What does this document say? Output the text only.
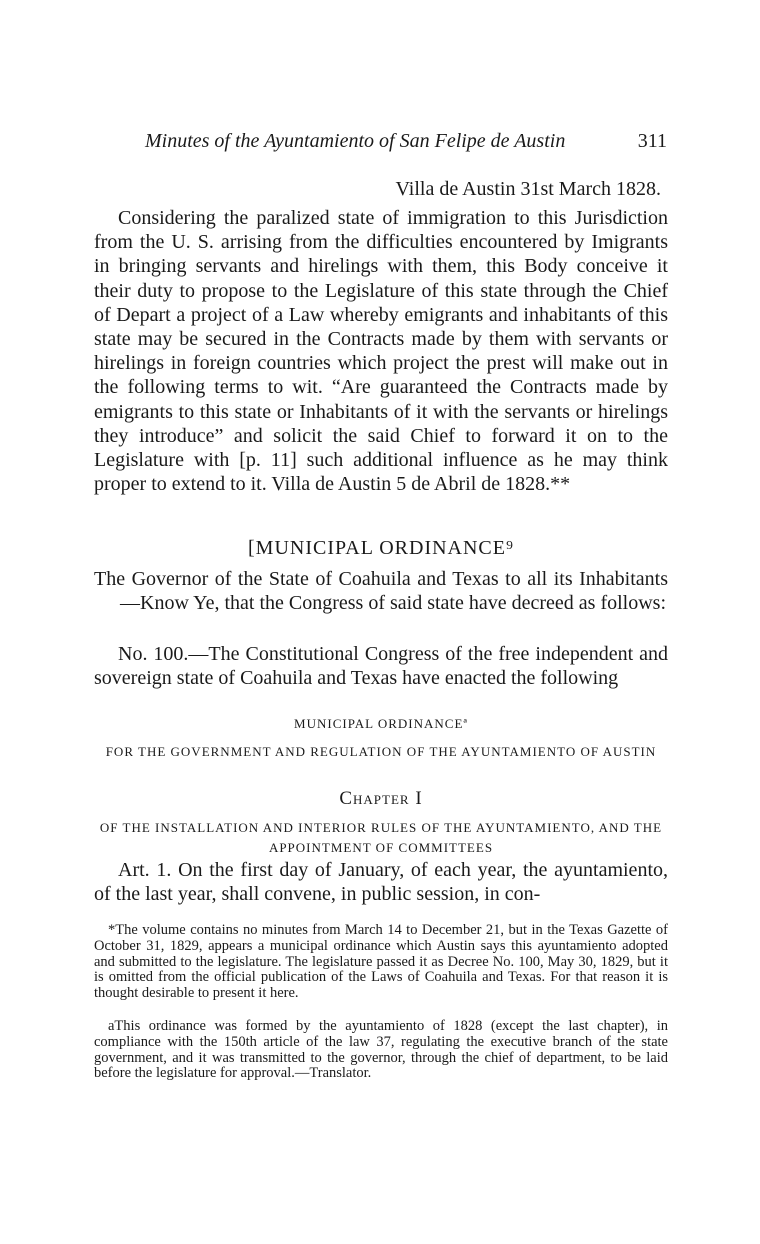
Minutes of the Ayuntamiento of San Felipe de Austin	311
Villa de Austin 31st March 1828.
Considering the paralized state of immigration to this Jurisdiction from the U. S. arrising from the difficulties encountered by Imigrants in bringing servants and hirelings with them, this Body conceive it their duty to propose to the Legislature of this state through the Chief of Depart a project of a Law whereby emigrants and inhabitants of this state may be secured in the Contracts made by them with servants or hirelings in foreign countries which project the prest will make out in the following terms to wit. “Are guaranteed the Contracts made by emigrants to this state or Inhabitants of it with the servants or hirelings they introduce” and solicit the said Chief to forward it on to the Legislature with [p. 11] such additional influence as he may think proper to extend to it. Villa de Austin 5 de Abril de 1828.**
[MUNICIPAL ORDINANCE⁹
The Governor of the State of Coahuila and Texas to all its Inhabitants—Know Ye, that the Congress of said state have decreed as follows:
No. 100.—The Constitutional Congress of the free independent and sovereign state of Coahuila and Texas have enacted the following
MUNICIPAL ORDINANCEª
FOR THE GOVERNMENT AND REGULATION OF THE AYUNTAMIENTO OF AUSTIN
Chapter I
OF THE INSTALLATION AND INTERIOR RULES OF THE AYUNTAMIENTO, AND THE APPOINTMENT OF COMMITTEES
Art. 1. On the first day of January, of each year, the ayuntamiento, of the last year, shall convene, in public session, in con-
*The volume contains no minutes from March 14 to December 21, but in the Texas Gazette of October 31, 1829, appears a municipal ordinance which Austin says this ayuntamiento adopted and submitted to the legislature. The legislature passed it as Decree No. 100, May 30, 1829, but it is omitted from the official publication of the Laws of Coahuila and Texas. For that reason it is thought desirable to present it here.
aThis ordinance was formed by the ayuntamiento of 1828 (except the last chapter), in compliance with the 150th article of the law 37, regulating the executive branch of the state government, and it was transmitted to the governor, through the chief of department, to be laid before the legislature for approval.—Translator.
